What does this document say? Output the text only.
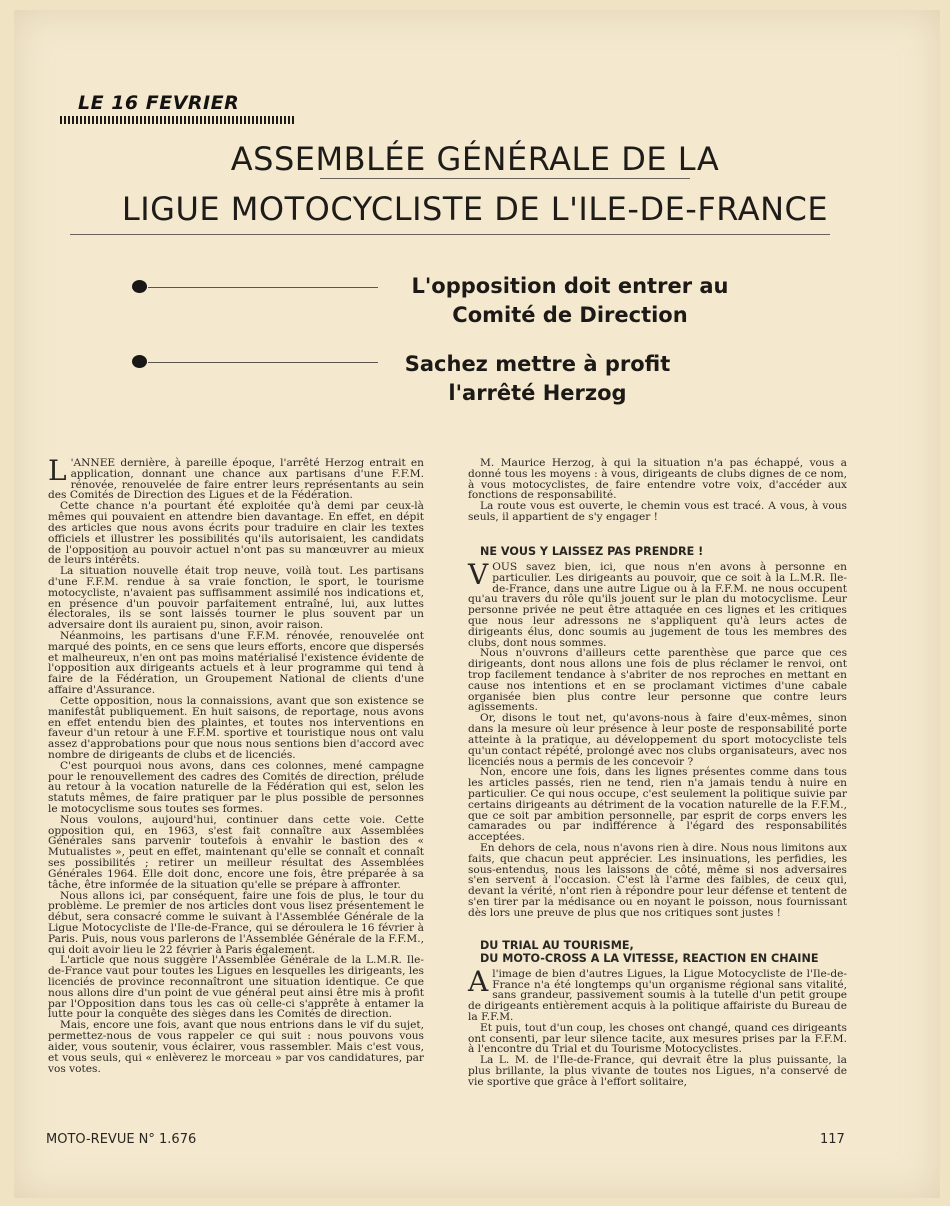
LE 16 FEVRIER
ASSEMBLÉE GÉNÉRALE DE LA
LIGUE MOTOCYCLISTE DE L'ILE-DE-FRANCE
L'opposition doit entrer au
Comité de Direction
Sachez mettre à profit
l'arrêté Herzog

L 'ANNEE dernière, à pareille époque, l'arrêté Herzog entrait en application, donnant une chance aux partisans d'une F.F.M. rénovée, renouvelée de faire entrer leurs représentants au sein des Comités de Direction des Ligues et de la Fédération.

Cette chance n'a pourtant été exploitée qu'à demi par ceux-là mêmes qui pouvaient en attendre bien davantage. En effet, en dépit des articles que nous avons écrits pour traduire en clair les textes officiels et illustrer les possibilités qu'ils autorisaient, les candidats de l'opposition au pouvoir actuel n'ont pas su manœuvrer au mieux de leurs intérêts.

La situation nouvelle était trop neuve, voilà tout. Les partisans d'une F.F.M. rendue à sa vraie fonction, le sport, le tourisme motocycliste, n'avaient pas suffisamment assimilé nos indications et, en présence d'un pouvoir parfaitement entraîné, lui, aux luttes électorales, ils se sont laissés tourner le plus souvent par un adversaire dont ils auraient pu, sinon, avoir raison.

Néanmoins, les partisans d'une F.F.M. rénovée, renouvelée ont marqué des points, en ce sens que leurs efforts, encore que dispersés et malheureux, n'en ont pas moins matérialisé l'existence évidente de l'opposition aux dirigeants actuels et à leur programme qui tend à faire de la Fédération, un Groupement National de clients d'une affaire d'Assurance.

Cette opposition, nous la connaissions, avant que son existence se manifestât publiquement. En huit saisons, de reportage, nous avons en effet entendu bien des plaintes, et toutes nos interventions en faveur d'un retour à une F.F.M. sportive et touristique nous ont valu assez d'approbations pour que nous nous sentions bien d'accord avec nombre de dirigeants de clubs et de licenciés.

C'est pourquoi nous avons, dans ces colonnes, mené campagne pour le renouvellement des cadres des Comités de direction, prélude au retour à la vocation naturelle de la Fédération qui est, selon les statuts mêmes, de faire pratiquer par le plus possible de personnes le motocyclisme sous toutes ses formes.

Nous voulons, aujourd'hui, continuer dans cette voie. Cette opposition qui, en 1963, s'est fait connaître aux Assemblées Générales sans parvenir toutefois à envahir le bastion des « Mutualistes », peut en effet, maintenant qu'elle se connaît et connaît ses possibilités ; retirer un meilleur résultat des Assemblées Générales 1964. Elle doit donc, encore une fois, être préparée à sa tâche, être informée de la situation qu'elle se prépare à affronter.

Nous allons ici, par conséquent, faire une fois de plus, le tour du problème. Le premier de nos articles dont vous lisez présentement le début, sera consacré comme le suivant à l'Assemblée Générale de la Ligue Motocycliste de l'Ile-de-France, qui se déroulera le 16 février à Paris. Puis, nous vous parlerons de l'Assemblée Générale de la F.F.M., qui doit avoir lieu le 22 février à Paris également.

L'article que nous suggère l'Assemblée Générale de la L.M.R. Ile-de-France vaut pour toutes les Ligues en lesquelles les dirigeants, les licenciés de province reconnaîtront une situation identique. Ce que nous allons dire d'un point de vue général peut ainsi être mis à profit par l'Opposition dans tous les cas où celle-ci s'apprête à entamer la lutte pour la conquête des sièges dans les Comités de direction.

Mais, encore une fois, avant que nous entrions dans le vif du sujet, permettez-nous de vous rappeler ce qui suit : nous pouvons vous aider, vous soutenir, vous éclairer, vous rassembler. Mais c'est vous, et vous seuls, qui « enlèverez le morceau » par vos candidatures, par vos votes.

M. Maurice Herzog, à qui la situation n'a pas échappé, vous a donné tous les moyens : à vous, dirigeants de clubs dignes de ce nom, à vous motocyclistes, de faire entendre votre voix, d'accéder aux fonctions de responsabilité.

La route vous est ouverte, le chemin vous est tracé. A vous, à vous seuls, il appartient de s'y engager !

NE VOUS Y LAISSEZ PAS PRENDRE !

VOUS savez bien, ici, que nous n'en avons à personne en particulier. Les dirigeants au pouvoir, que ce soit à la L.M.R. Ile-de-France, dans une autre Ligue ou à la F.F.M. ne nous occupent qu'au travers du rôle qu'ils jouent sur le plan du motocyclisme. Leur personne privée ne peut être attaquée en ces lignes et les critiques que nous leur adressons ne s'appliquent qu'à leurs actes de dirigeants élus, donc soumis au jugement de tous les membres des clubs, dont nous sommes.

Nous n'ouvrons d'ailleurs cette parenthèse que parce que ces dirigeants, dont nous allons une fois de plus réclamer le renvoi, ont trop facilement tendance à s'abriter de nos reproches en mettant en cause nos intentions et en se proclamant victimes d'une cabale organisée bien plus contre leur personne que contre leurs agissements.

Or, disons le tout net, qu'avons-nous à faire d'eux-mêmes, sinon dans la mesure où leur présence à leur poste de responsabilité porte atteinte à la pratique, au développement du sport motocycliste tels qu'un contact répété, prolongé avec nos clubs organisateurs, avec nos licenciés nous a permis de les concevoir ?

Non, encore une fois, dans les lignes présentes comme dans tous les articles passés, rien ne tend, rien n'a jamais tendu à nuire en particulier. Ce qui nous occupe, c'est seulement la politique suivie par certains dirigeants au détriment de la vocation naturelle de la F.F.M., que ce soit par ambition personnelle, par esprit de corps envers les camarades ou par indifférence à l'égard des responsabilités acceptées.

En dehors de cela, nous n'avons rien à dire. Nous nous limitons aux faits, que chacun peut apprécier. Les insinuations, les perfidies, les sous-entendus, nous les laissons de côté, même si nos adversaires s'en servent à l'occasion. C'est là l'arme des faibles, de ceux qui, devant la vérité, n'ont rien à répondre pour leur défense et tentent de s'en tirer par la médisance ou en noyant le poisson, nous fournissant dès lors une preuve de plus que nos critiques sont justes !

DU TRIAL AU TOURISME,

DU MOTO-CROSS A LA VITESSE, REACTION EN CHAINE

Al'image de bien d'autres Ligues, la Ligue Motocycliste de l'Ile-de-France n'a été longtemps qu'un organisme régional sans vitalité, sans grandeur, passivement soumis à la tutelle d'un petit groupe de dirigeants entièrement acquis à la politique affairiste du Bureau de la F.F.M.

Et puis, tout d'un coup, les choses ont changé, quand ces dirigeants ont consenti, par leur silence tacite, aux mesures prises par la F.F.M. à l'encontre du Trial et du Tourisme Motocyclistes.

La L. M. de l'Ile-de-France, qui devrait être la plus puissante, la plus brillante, la plus vivante de toutes nos Ligues, n'a conservé de vie sportive que grâce à l'effort solitaire,

MOTO-REVUE N° 1.676	117
